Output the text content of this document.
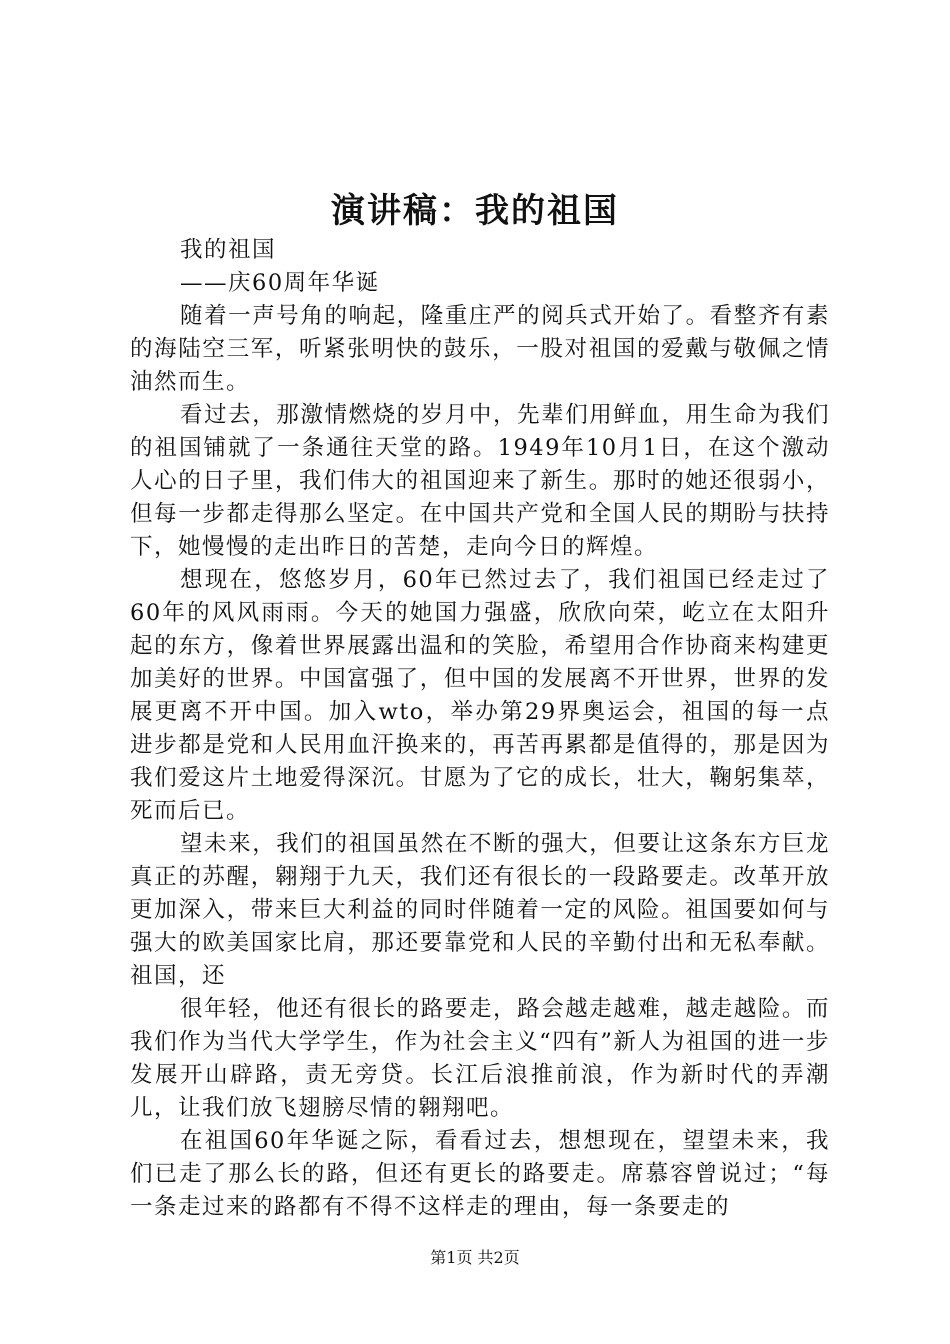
演讲稿：我的祖国

我的祖国

——庆60周年华诞

随着一声号角的响起，隆重庄严的阅兵式开始了。看整齐有素的海陆空三军，听紧张明快的鼓乐，一股对祖国的爱戴与敬佩之情油然而生。

看过去，那激情燃烧的岁月中，先辈们用鲜血，用生命为我们的祖国铺就了一条通往天堂的路。1949年10月1日，在这个激动人心的日子里，我们伟大的祖国迎来了新生。那时的她还很弱小，但每一步都走得那么坚定。在中国共产党和全国人民的期盼与扶持下，她慢慢的走出昨日的苦楚，走向今日的辉煌。

想现在，悠悠岁月，60年已然过去了，我们祖国已经走过了60年的风风雨雨。今天的她国力强盛，欣欣向荣，屹立在太阳升起的东方，像着世界展露出温和的笑脸，希望用合作协商来构建更加美好的世界。中国富强了，但中国的发展离不开世界，世界的发展更离不开中国。加入wto，举办第29界奥运会，祖国的每一点进步都是党和人民用血汗换来的，再苦再累都是值得的，那是因为我们爱这片土地爱得深沉。甘愿为了它的成长，壮大，鞠躬集萃，死而后已。

望未来，我们的祖国虽然在不断的强大，但要让这条东方巨龙真正的苏醒，翱翔于九天，我们还有很长的一段路要走。改革开放更加深入，带来巨大利益的同时伴随着一定的风险。祖国要如何与强大的欧美国家比肩，那还要靠党和人民的辛勤付出和无私奉献。祖国，还

很年轻，他还有很长的路要走，路会越走越难，越走越险。而我们作为当代大学学生，作为社会主义“四有”新人为祖国的进一步发展开山辟路，责无旁贷。长江后浪推前浪，作为新时代的弄潮儿，让我们放飞翅膀尽情的翱翔吧。

在祖国60年华诞之际，看看过去，想想现在，望望未来，我们已走了那么长的路，但还有更长的路要走。席慕容曾说过；“每一条走过来的路都有不得不这样走的理由，每一条要走的

第1页 共2页
